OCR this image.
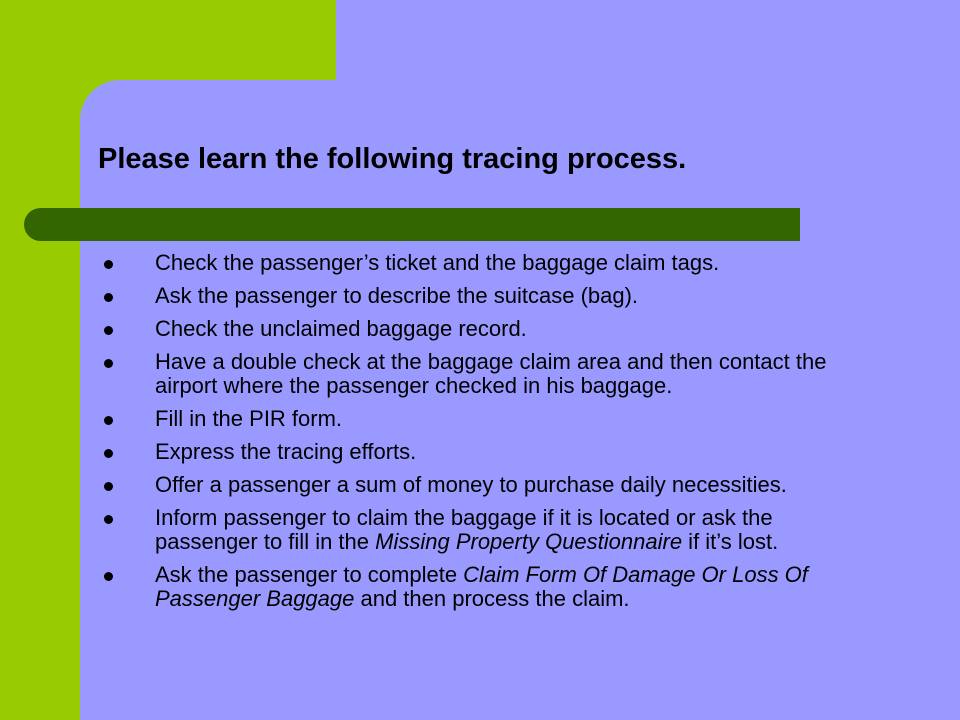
Please learn the following tracing process.
Check the passenger’s ticket and the baggage claim tags.
Ask the passenger to describe the suitcase (bag).
Check the unclaimed baggage record.
Have a double check at the baggage claim area and then contact the airport where the passenger checked in his baggage.
Fill in the PIR form.
Express the tracing efforts.
Offer a passenger a sum of money to purchase daily necessities.
Inform passenger to claim the baggage if it is located or ask the passenger to fill in the Missing Property Questionnaire if it’s lost.
Ask the passenger to complete Claim Form Of Damage Or Loss Of Passenger Baggage and then process the claim.
